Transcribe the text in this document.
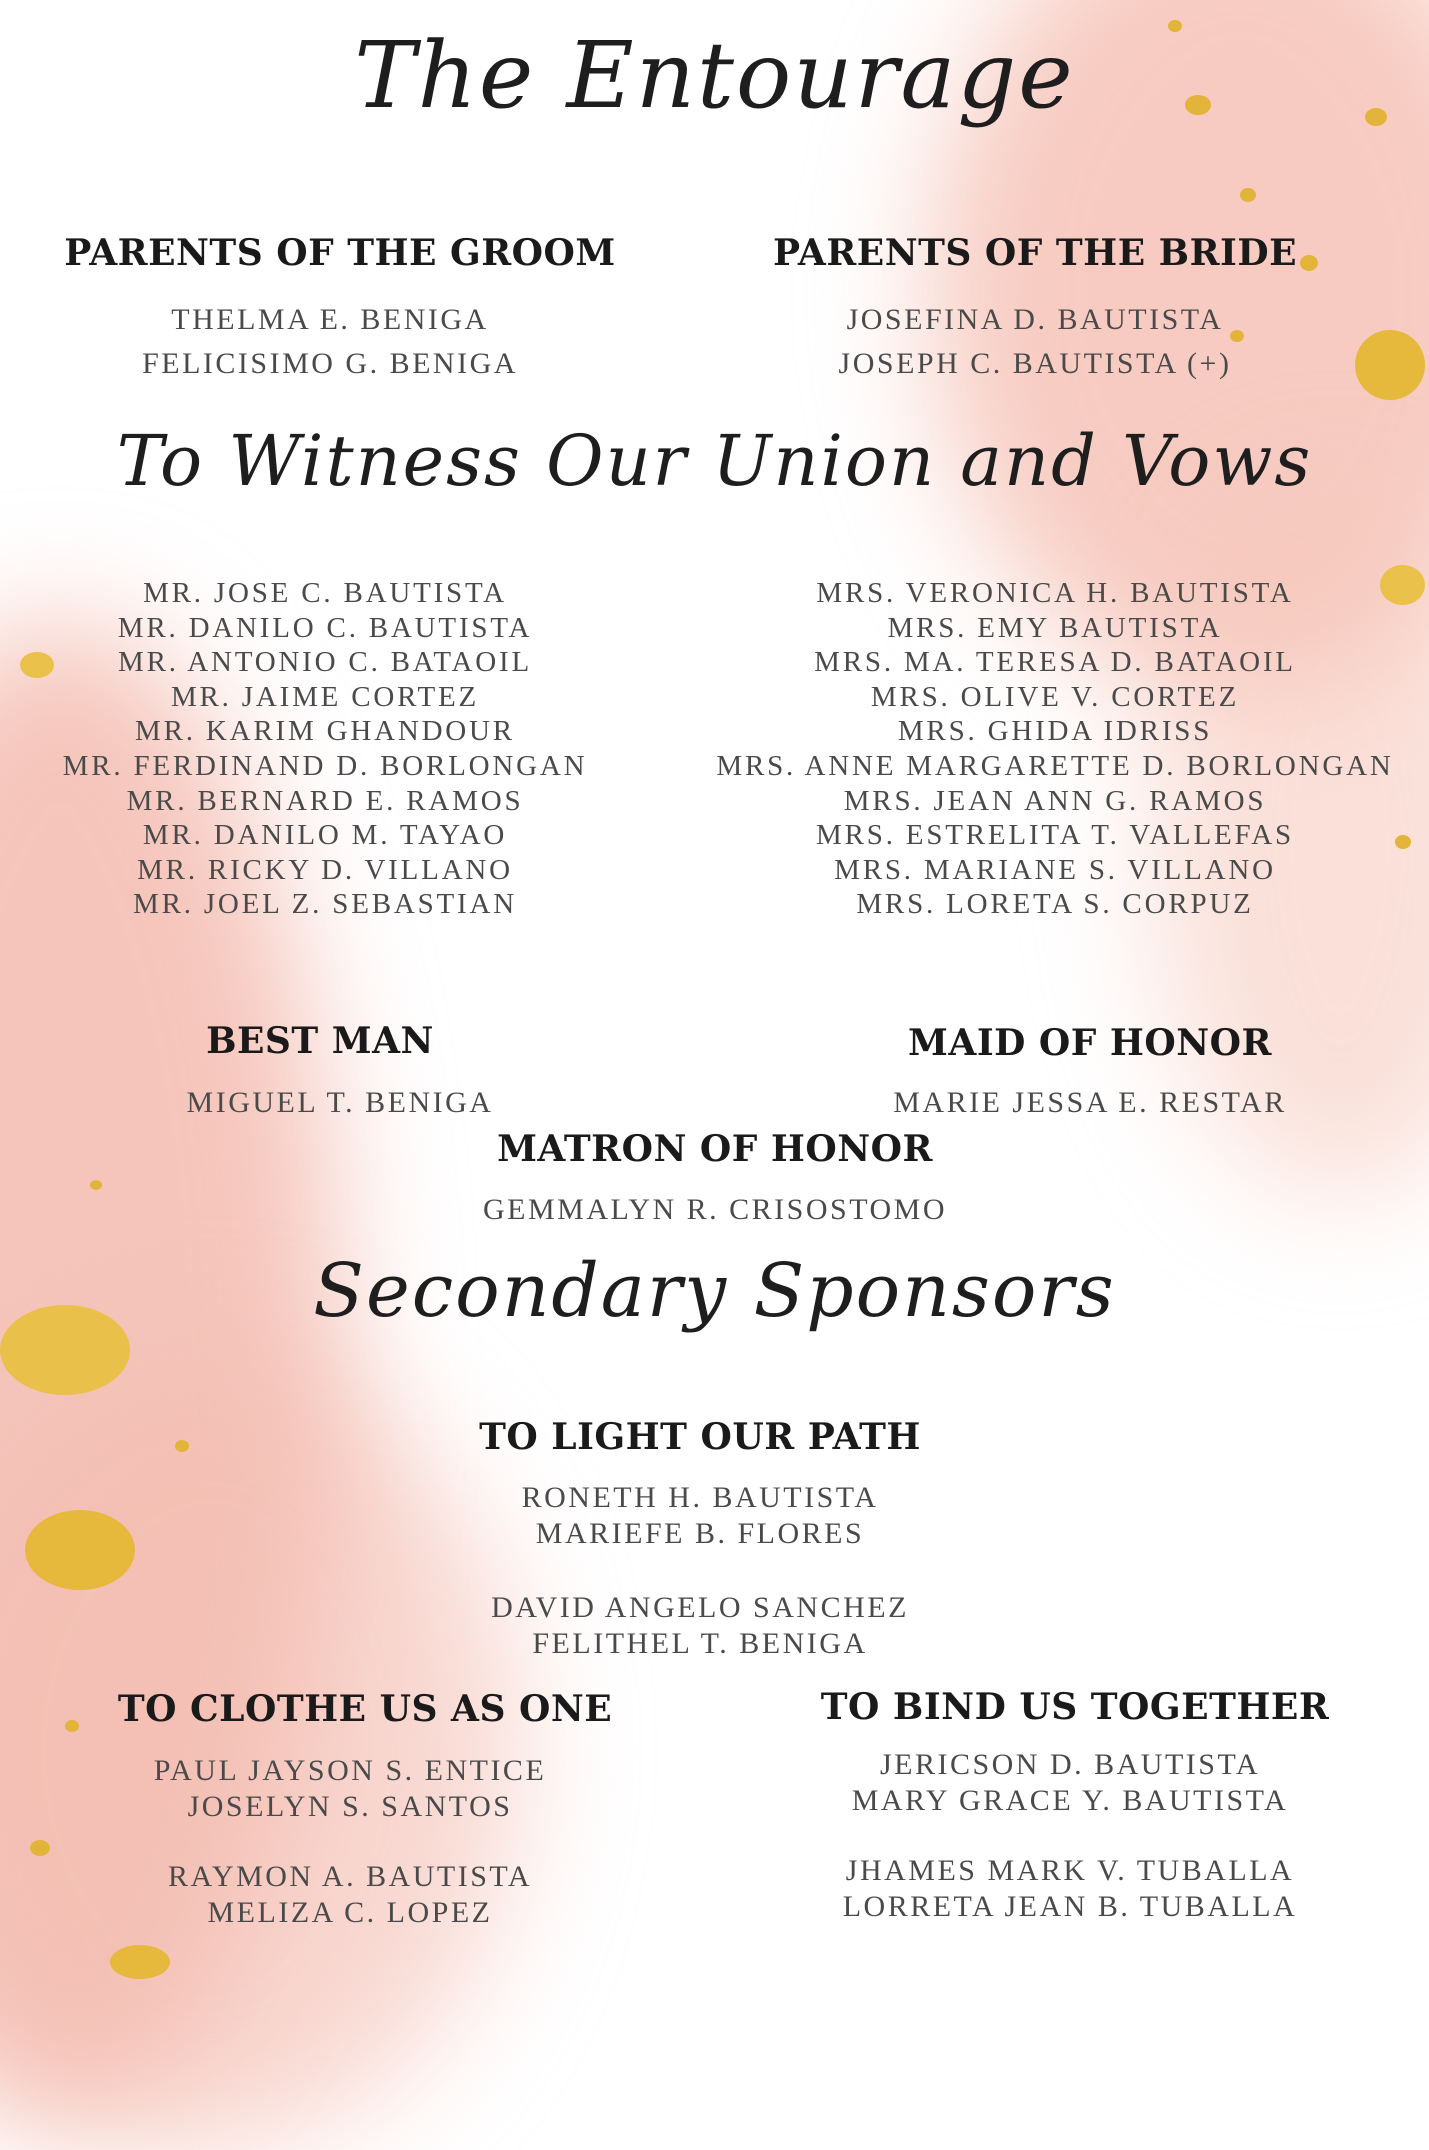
The Entourage
PARENTS OF THE GROOM
THELMA E. BENIGA
FELICISIMO G. BENIGA
PARENTS OF THE BRIDE
JOSEFINA D. BAUTISTA
JOSEPH C. BAUTISTA (+)
To Witness Our Union and Vows
MR. JOSE C. BAUTISTA
MR. DANILO C. BAUTISTA
MR. ANTONIO C. BATAOIL
MR. JAIME CORTEZ
MR. KARIM GHANDOUR
MR. FERDINAND D. BORLONGAN
MR. BERNARD E. RAMOS
MR. DANILO M. TAYAO
MR. RICKY D. VILLANO
MR. JOEL Z. SEBASTIAN
MRS. VERONICA H. BAUTISTA
MRS. EMY BAUTISTA
MRS. MA. TERESA D. BATAOIL
MRS. OLIVE V. CORTEZ
MRS. GHIDA IDRISS
MRS. ANNE MARGARETTE D. BORLONGAN
MRS. JEAN ANN G. RAMOS
MRS. ESTRELITA T. VALLEFAS
MRS. MARIANE S. VILLANO
MRS. LORETA S. CORPUZ
BEST MAN
MIGUEL T. BENIGA
MAID OF HONOR
MARIE JESSA E. RESTAR
MATRON OF HONOR
GEMMALYN R. CRISOSTOMO
Secondary Sponsors
TO LIGHT OUR PATH
RONETH H. BAUTISTA
MARIEFE B. FLORES
DAVID ANGELO SANCHEZ
FELITHEL T. BENIGA
TO CLOTHE US AS ONE
PAUL JAYSON S. ENTICE
JOSELYN S. SANTOS
RAYMON A. BAUTISTA
MELIZA C. LOPEZ
TO BIND US TOGETHER
JERICSON D. BAUTISTA
MARY GRACE Y. BAUTISTA
JHAMES MARK V. TUBALLA
LORRETA JEAN B. TUBALLA
